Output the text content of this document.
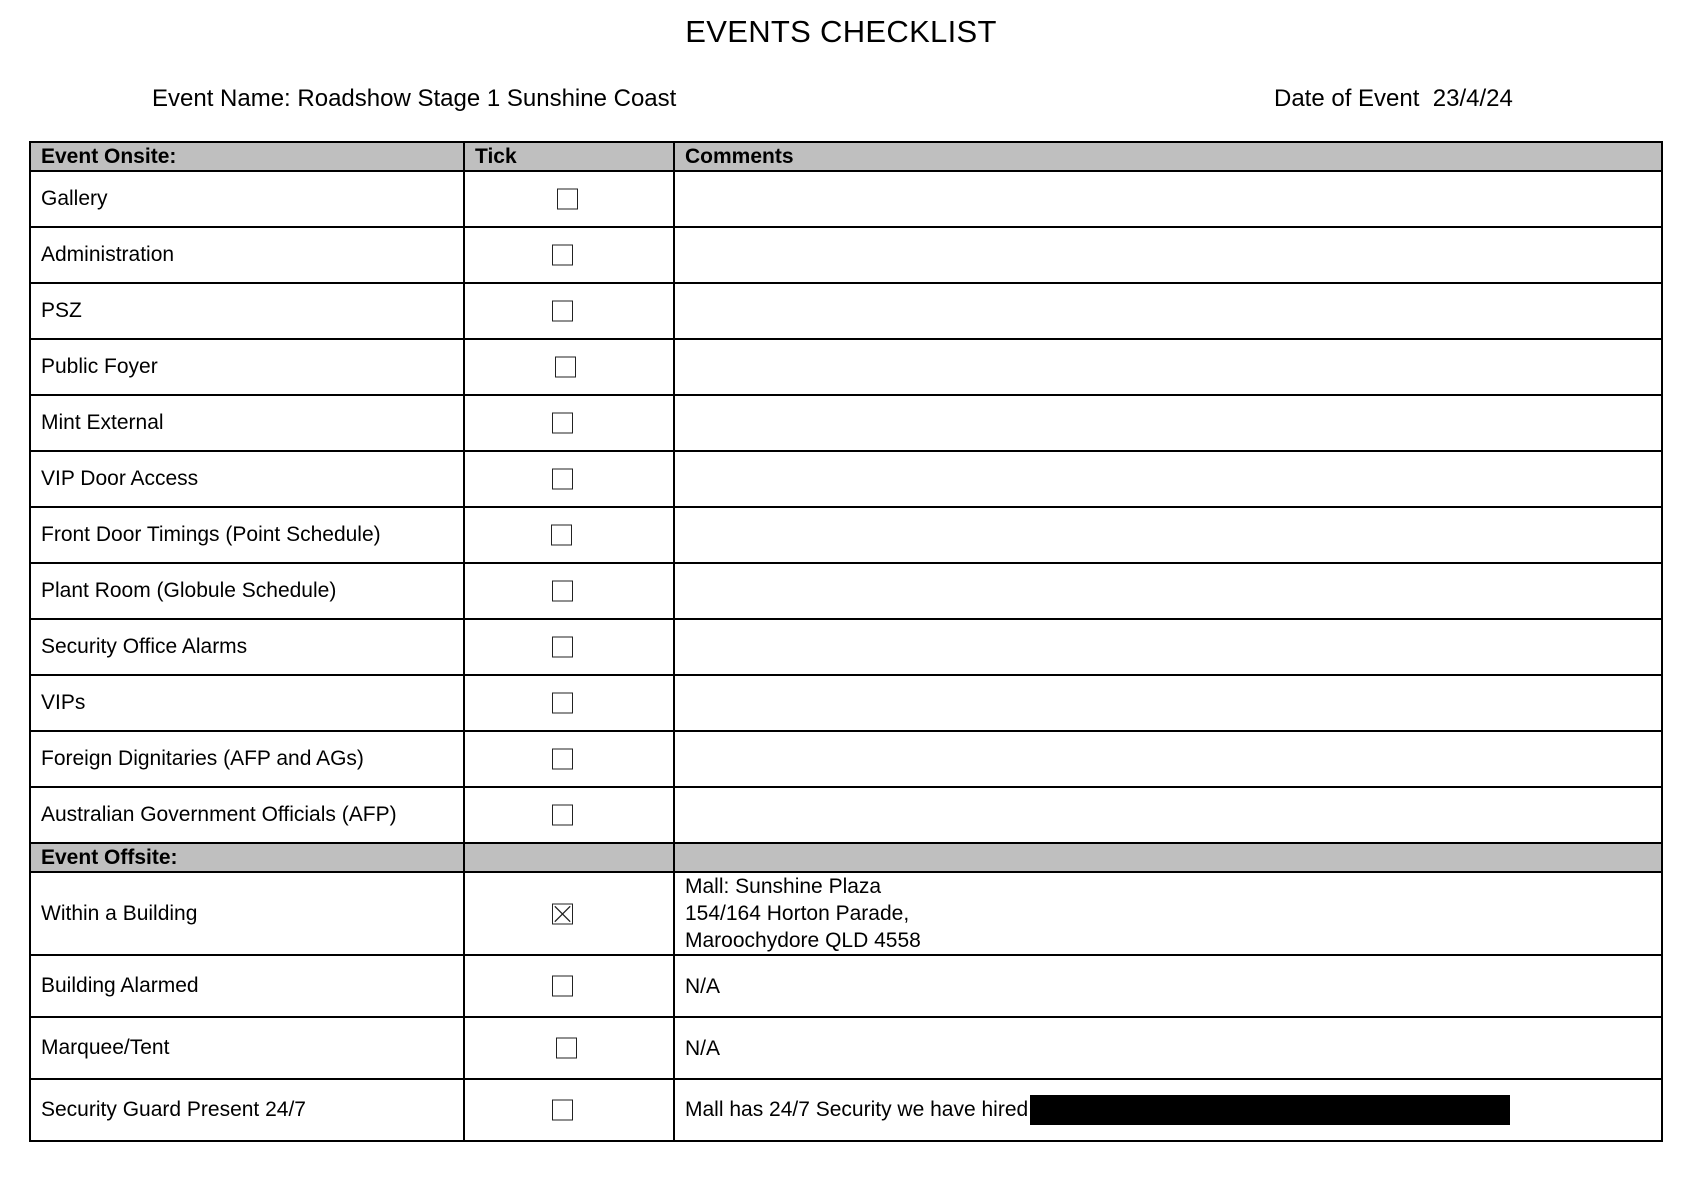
EVENTS CHECKLIST
Event Name: Roadshow Stage 1 Sunshine Coast	Date of Event  23/4/24
Event Onsite:	Tick	Comments
Gallery	

Administration	

PSZ	

Public Foyer	

Mint External	

VIP Door Access	

Front Door Timings (Point Schedule)	

Plant Room (Globule Schedule)	

Security Office Alarms	

VIPs	

Foreign Dignitaries (AFP and AGs)	

Australian Government Officials (AFP)	

Event Offsite:		
Within a Building		Mall: Sunshine Plaza
154/164 Horton Parade,
Maroochydore QLD 4558

Building Alarmed		N/A

Marquee/Tent		N/A

Security Guard Present 24/7		Mall has 24/7 Security we have hired
